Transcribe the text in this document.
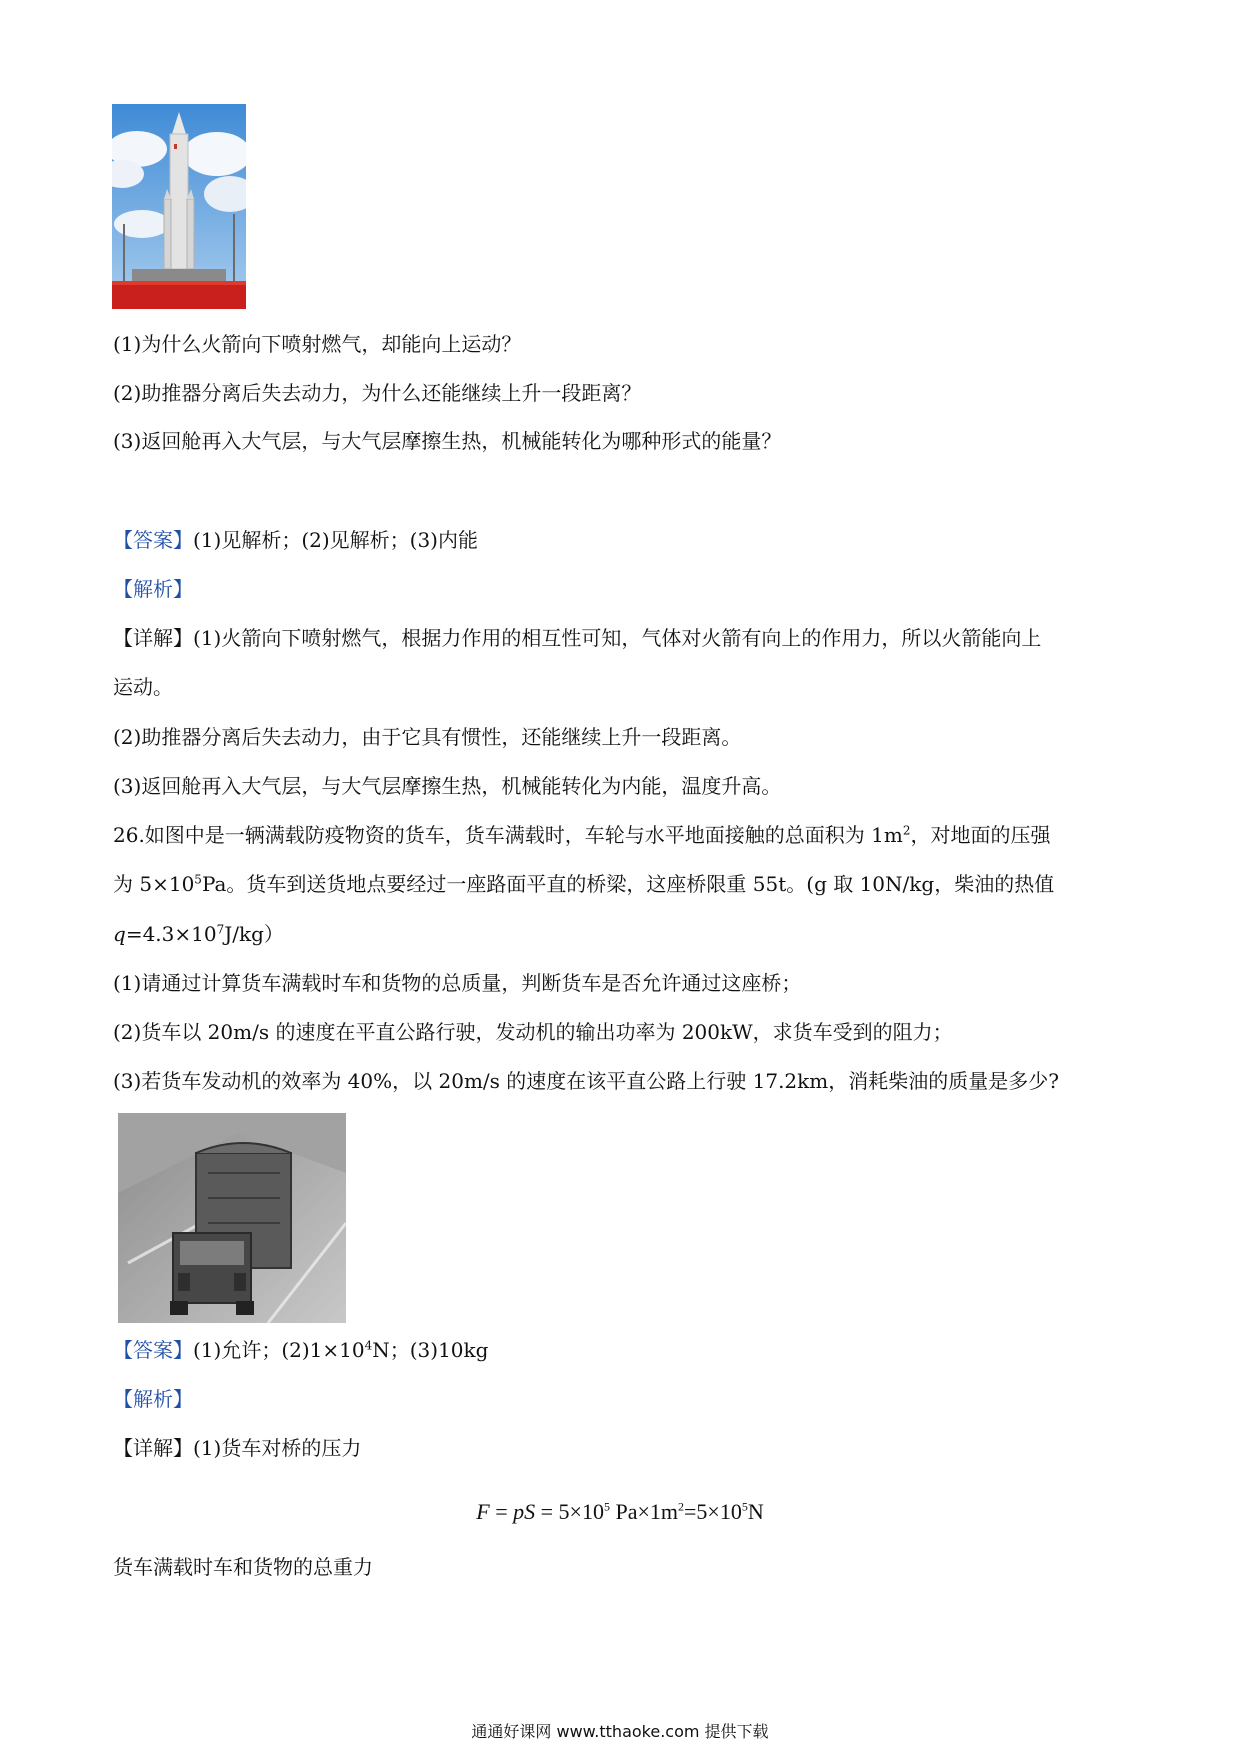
(1)为什么火箭向下喷射燃气，却能向上运动？
(2)助推器分离后失去动力，为什么还能继续上升一段距离？
(3)返回舱再入大气层，与大气层摩擦生热，机械能转化为哪种形式的能量？
【答案】(1)见解析；(2)见解析；(3)内能
【解析】
【详解】(1)火箭向下喷射燃气，根据力作用的相互性可知，气体对火箭有向上的作用力，所以火箭能向上
运动。
(2)助推器分离后失去动力，由于它具有惯性，还能继续上升一段距离。
(3)返回舱再入大气层，与大气层摩擦生热，机械能转化为内能，温度升高。
26.如图中是一辆满载防疫物资的货车，货车满载时，车轮与水平地面接触的总面积为 $1m^2$，对地面的压强
为 $5\times 10^5Pa$。货车到送货地点要经过一座路面平直的桥梁，这座桥限重 55t。(g 取 10N/kg，柴油的热值
$q=4.3\times 10^7J/kg$）
(1)请通过计算货车满载时车和货物的总质量，判断货车是否允许通过这座桥；
(2)货车以 20m/s 的速度在平直公路行驶，发动机的输出功率为 200kW，求货车受到的阻力；
(3)若货车发动机的效率为 40%，以 20m/s 的速度在该平直公路上行驶 17.2km，消耗柴油的质量是多少?
【答案】(1)允许；$(2)1\times 10^4N$；(3)10kg
【解析】
【详解】(1)货车对桥的压力
F = pS = $5\times 10^5$ $Pa\times 1m^2=5\times 10^5N$
货车满载时车和货物的总重力
通通好课网 www.tthaoke.com 提供下载
